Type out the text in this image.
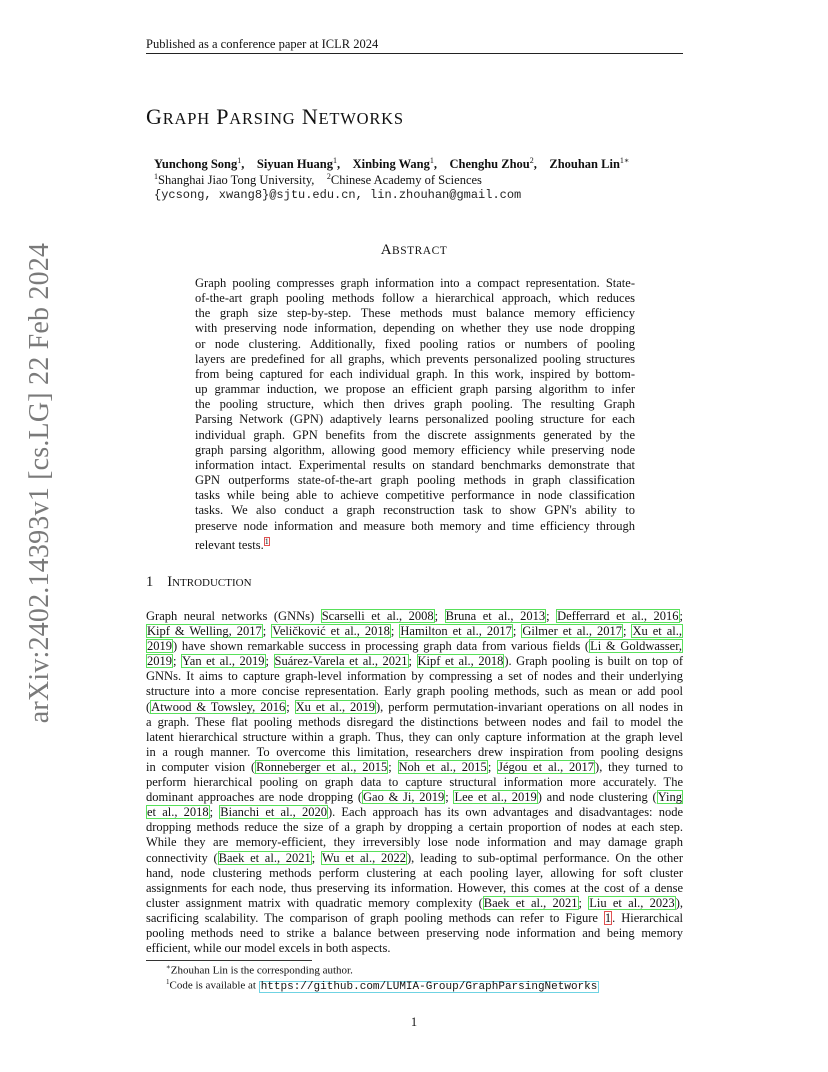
Published as a conference paper at ICLR 2024
arXiv:2402.14393v1 [cs.LG] 22 Feb 2024
GRAPH PARSING NETWORKS
Yunchong Song$^1$,    Siyuan Huang$^1$,    Xinbing Wang$^1$,    Chenghu Zhou$^2$,    Zhouhan Lin$^{1∗}$
$^1$Shanghai Jiao Tong University, $^2$Chinese Academy of Sciences
{ycsong, xwang8}@sjtu.edu.cn, lin.zhouhan@gmail.com
ABSTRACT
Graph pooling compresses graph information into a compact representation. State-
of-the-art graph pooling methods follow a hierarchical approach, which reduces
the graph size step-by-step. These methods must balance memory efficiency
with preserving node information, depending on whether they use node dropping
or node clustering. Additionally, fixed pooling ratios or numbers of pooling
layers are predefined for all graphs, which prevents personalized pooling structures
from being captured for each individual graph. In this work, inspired by bottom-
up grammar induction, we propose an efficient graph parsing algorithm to infer
the pooling structure, which then drives graph pooling. The resulting Graph
Parsing Network (GPN) adaptively learns personalized pooling structure for each
individual graph. GPN benefits from the discrete assignments generated by the
graph parsing algorithm, allowing good memory efficiency while preserving node
information intact. Experimental results on standard benchmarks demonstrate that
GPN outperforms state-of-the-art graph pooling methods in graph classification
tasks while being able to achieve competitive performance in node classification
tasks. We also conduct a graph reconstruction task to show GPN's ability to
preserve node information and measure both memory and time efficiency through
relevant tests.$^1$
1 INTRODUCTION
Graph neural networks (GNNs) Scarselli et al., 2008; Bruna et al., 2013; Defferrard et al., 2016;
Kipf & Welling, 2017; Veličković et al., 2018; Hamilton et al., 2017; Gilmer et al., 2017; Xu et al.,
2019) have shown remarkable success in processing graph data from various fields (Li & Goldwasser,
2019; Yan et al., 2019; Suárez-Varela et al., 2021; Kipf et al., 2018). Graph pooling is built on top of
GNNs. It aims to capture graph-level information by compressing a set of nodes and their underlying
structure into a more concise representation. Early graph pooling methods, such as mean or add pool
(Atwood & Towsley, 2016; Xu et al., 2019), perform permutation-invariant operations on all nodes in
a graph. These flat pooling methods disregard the distinctions between nodes and fail to model the
latent hierarchical structure within a graph. Thus, they can only capture information at the graph level
in a rough manner. To overcome this limitation, researchers drew inspiration from pooling designs
in computer vision (Ronneberger et al., 2015; Noh et al., 2015; Jégou et al., 2017), they turned to
perform hierarchical pooling on graph data to capture structural information more accurately. The
dominant approaches are node dropping (Gao & Ji, 2019; Lee et al., 2019) and node clustering (Ying
et al., 2018; Bianchi et al., 2020). Each approach has its own advantages and disadvantages: node
dropping methods reduce the size of a graph by dropping a certain proportion of nodes at each step.
While they are memory-efficient, they irreversibly lose node information and may damage graph
connectivity (Baek et al., 2021; Wu et al., 2022), leading to sub-optimal performance. On the other
hand, node clustering methods perform clustering at each pooling layer, allowing for soft cluster
assignments for each node, thus preserving its information. However, this comes at the cost of a dense
cluster assignment matrix with quadratic memory complexity (Baek et al., 2021; Liu et al., 2023),
sacrificing scalability. The comparison of graph pooling methods can refer to Figure 1. Hierarchical
pooling methods need to strike a balance between preserving node information and being memory
efficient, while our model excels in both aspects.
∗Zhouhan Lin is the corresponding author.
$^1$Code is available at https://github.com/LUMIA-Group/GraphParsingNetworks
1
